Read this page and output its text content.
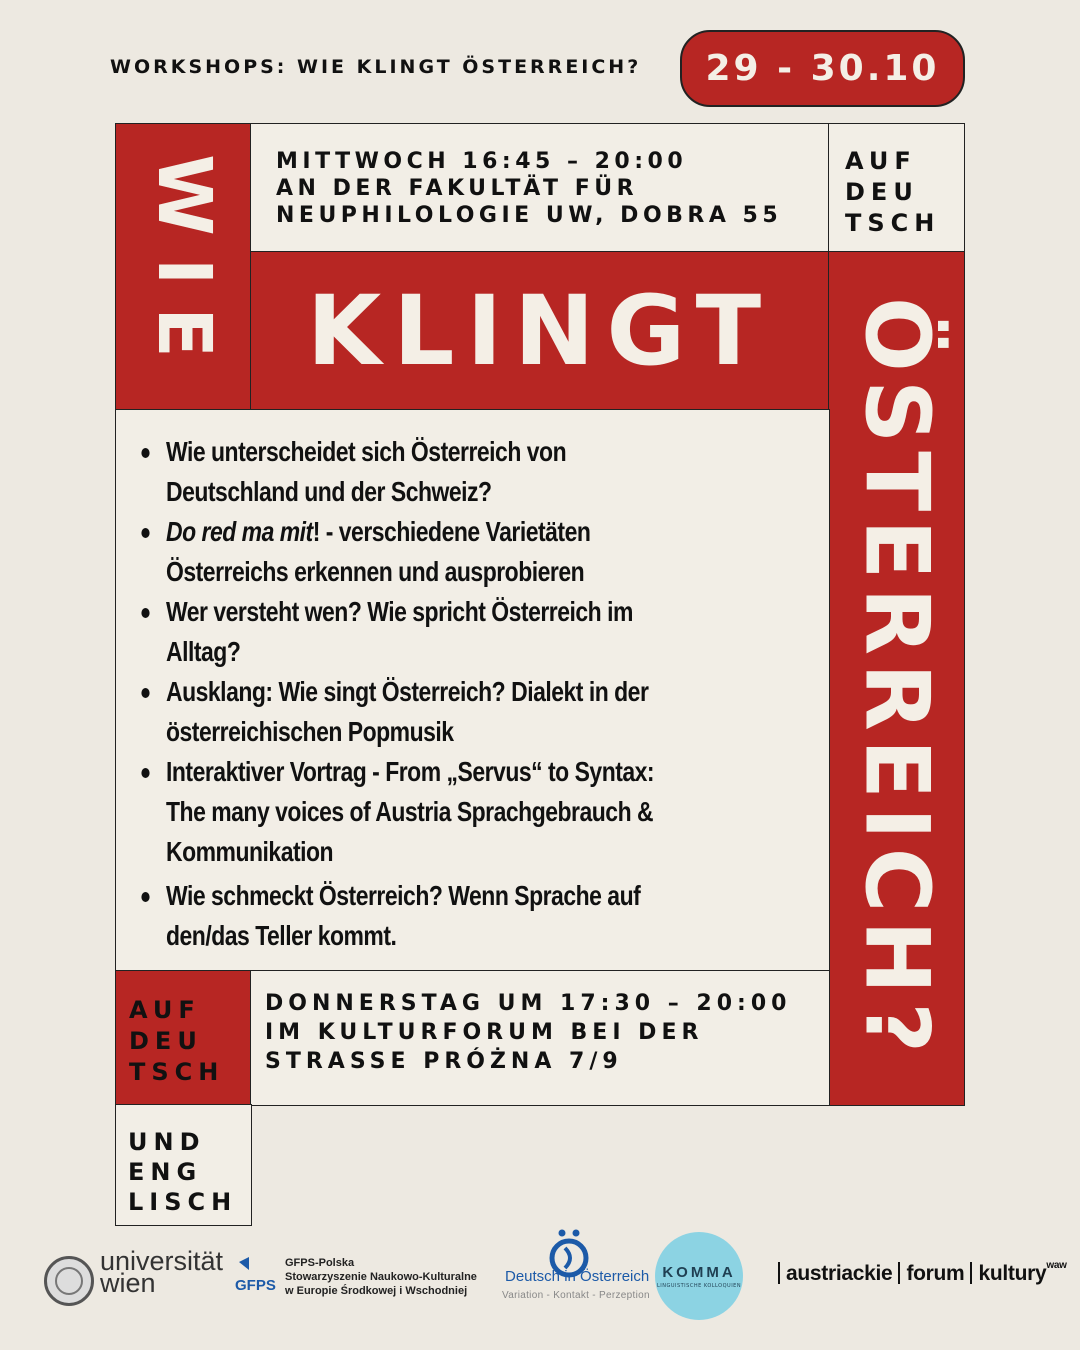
WORKSHOPS: WIE KLINGT ÖSTERREICH?	29 - 30.10
WIE MITTWOCH 16:45 – 20:00
AN DER FAKULTÄT FÜR
NEUPHILOLOGIE UW, DOBRA 55
AUF
DEU
TSCH
KLINGT ÖSTERREICH?
Wie unterscheidet sich Österreich von
Deutschland und der Schweiz?
Do red ma mit! - verschiedene Varietäten
Österreichs erkennen und ausprobieren
Wer versteht wen? Wie spricht Österreich im
Alltag?
Ausklang: Wie singt Österreich? Dialekt in der
österreichischen Popmusik
Interaktiver Vortrag - From „Servus“ to Syntax:
The many voices of Austria Sprachgebrauch &
Kommunikation
Wie schmeckt Österreich? Wenn Sprache auf
den/das Teller kommt.
AUF
DEU
TSCH
DONNERSTAG UM 17:30 – 20:00
IM KULTURFORUM BEI DER
STRASSE PRÓŻNA 7/9
UND
ENG
LISCH
universität
wien	GFPS
GFPS-Polska
Stowarzyszenie Naukowo-Kulturalne
w Europie Środkowej i Wschodniej
Deutsch in Österreich
Variation - Kontakt - Perzeption
KOMMA
LINGUISTISCHE KOLLOQUIEN
austriackie forum kultury$^{waw}$
